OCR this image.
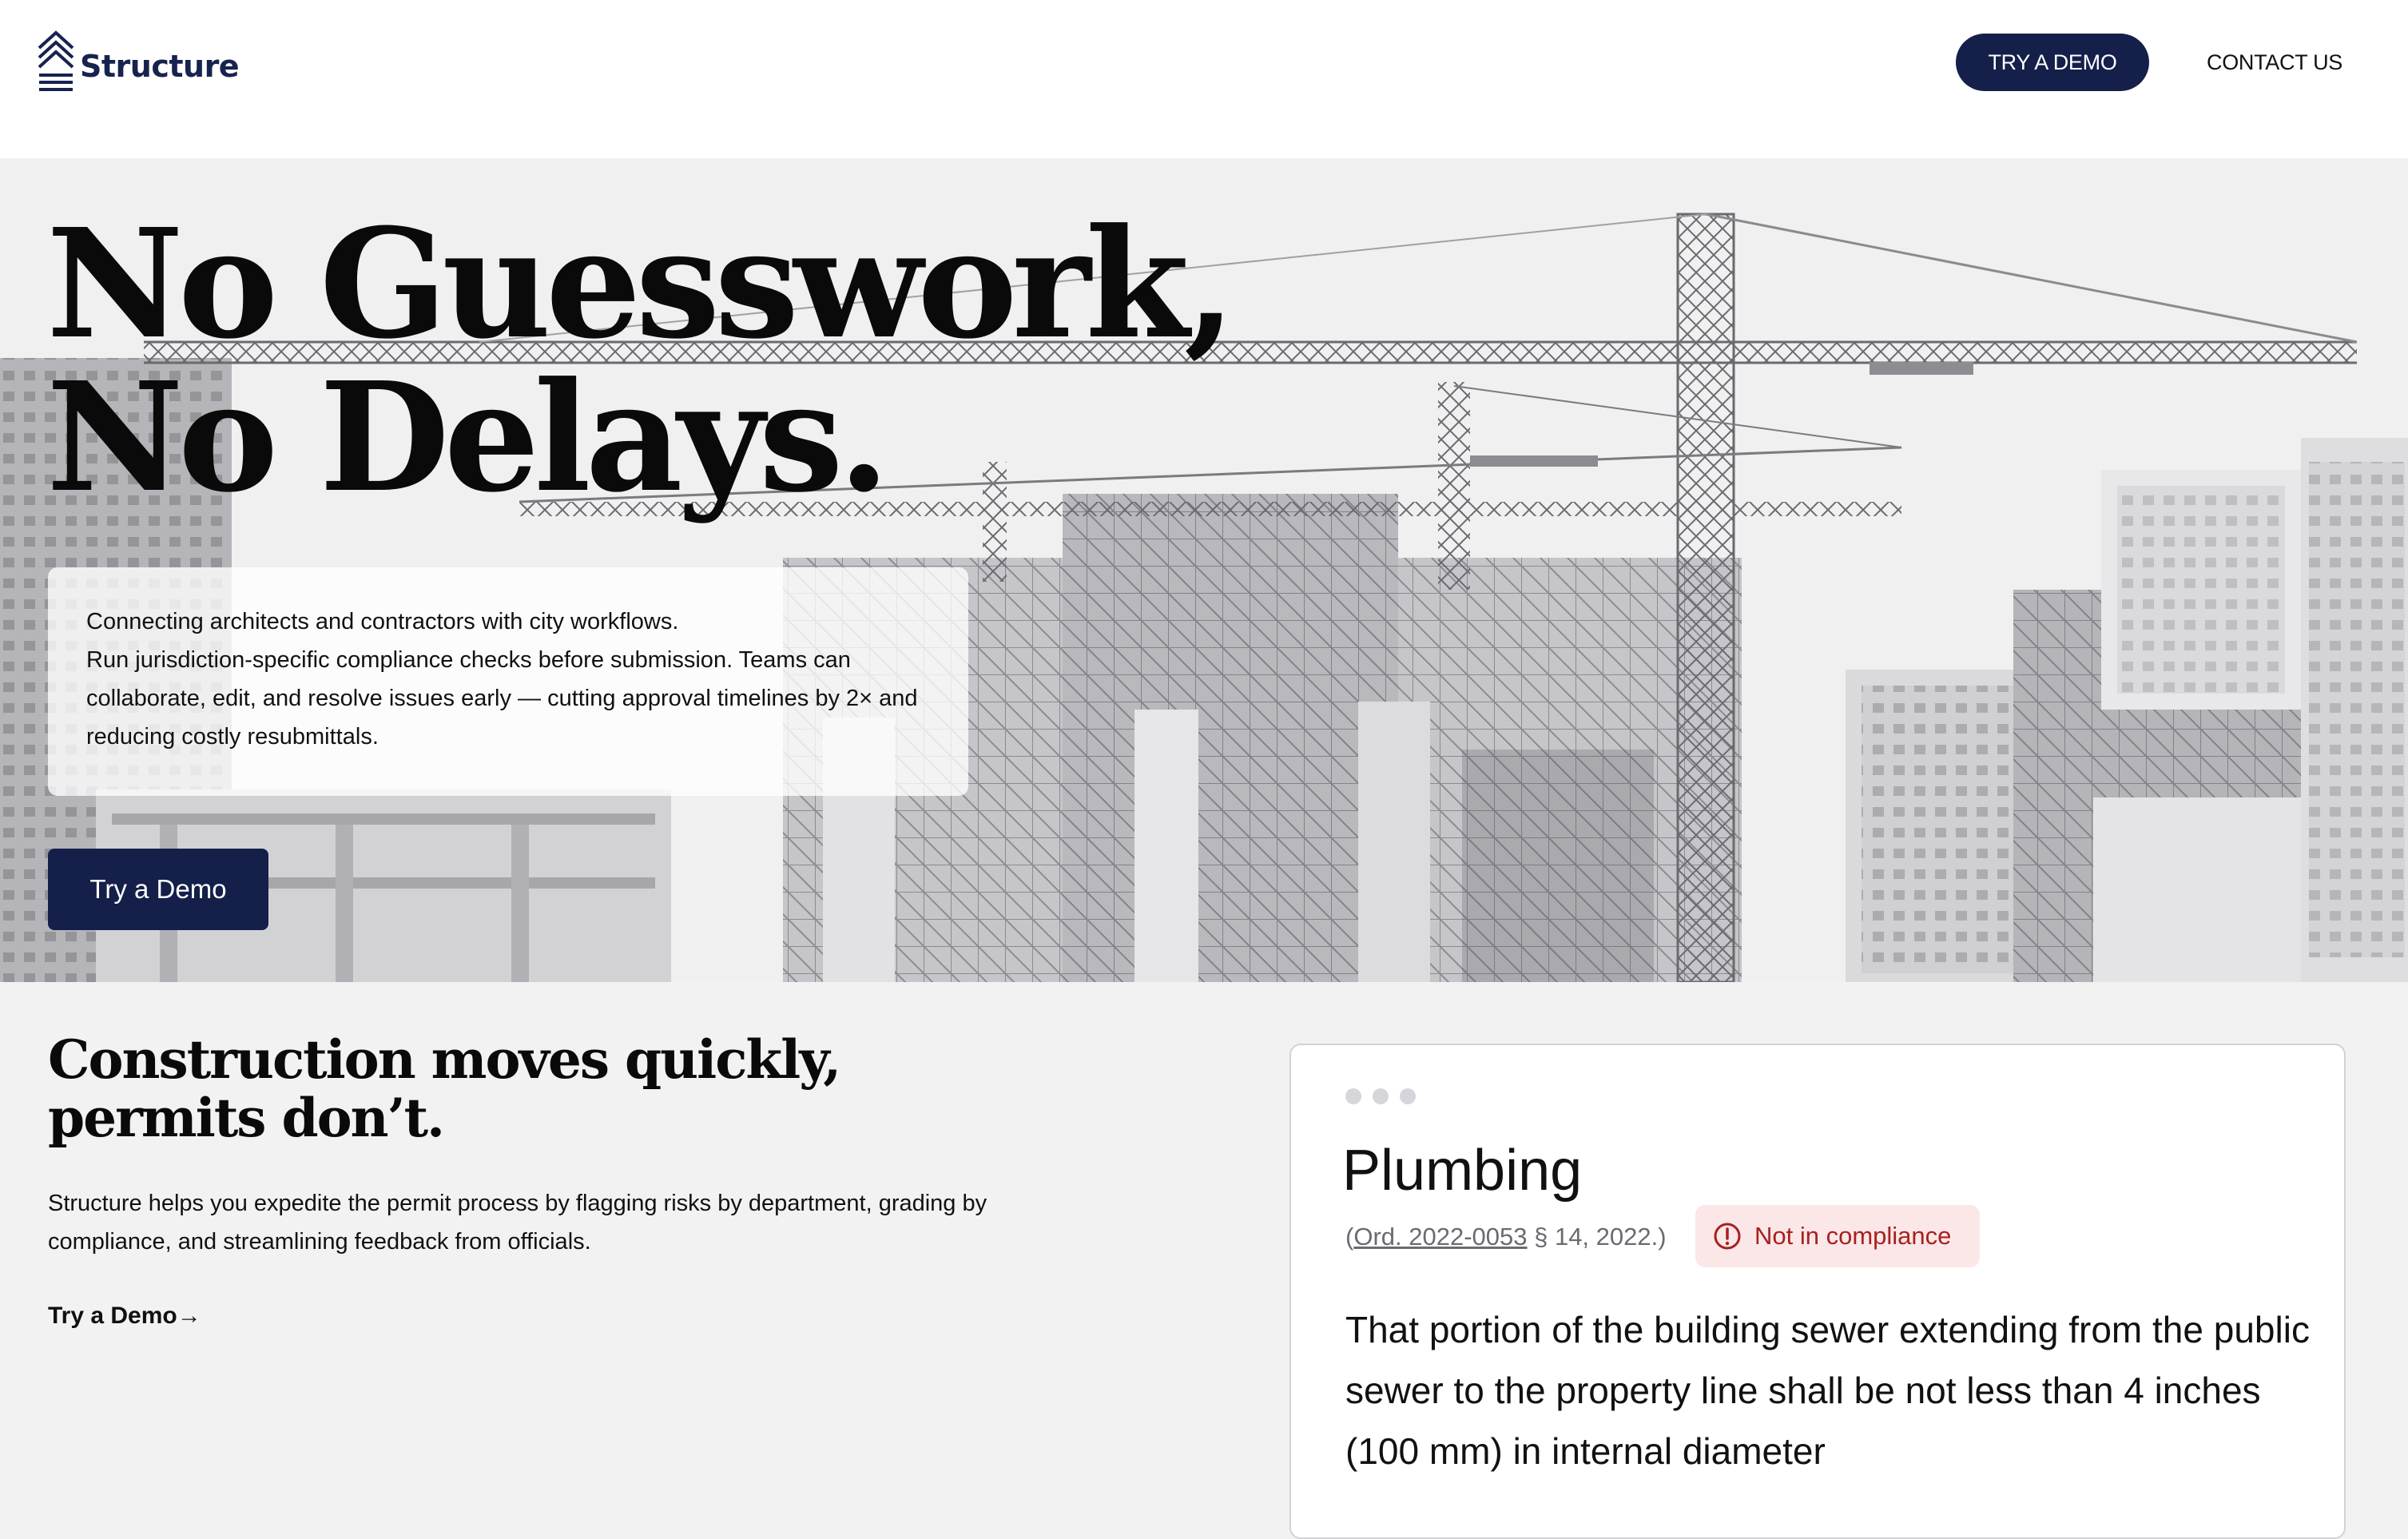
Structure	TRY A DEMO	CONTACT US
No Guesswork,
No Delays.

Connecting architects and contractors with city workflows.

Run jurisdiction-specific compliance checks before submission. Teams can collaborate, edit, and resolve issues early — cutting approval timelines by 2× and reducing costly resubmittals.

Try a Demo
Construction moves quickly,
permits don’t.

Structure helps you expedite the permit process by flagging risks by department, grading by compliance, and streamlining feedback from officials.

Try a Demo→
Plumbing
(Ord. 2022-0053 § 14, 2022.)	Not in compliance

That portion of the building sewer extending from the public sewer to the property line shall be not less than 4 inches (100 mm) in internal diameter
